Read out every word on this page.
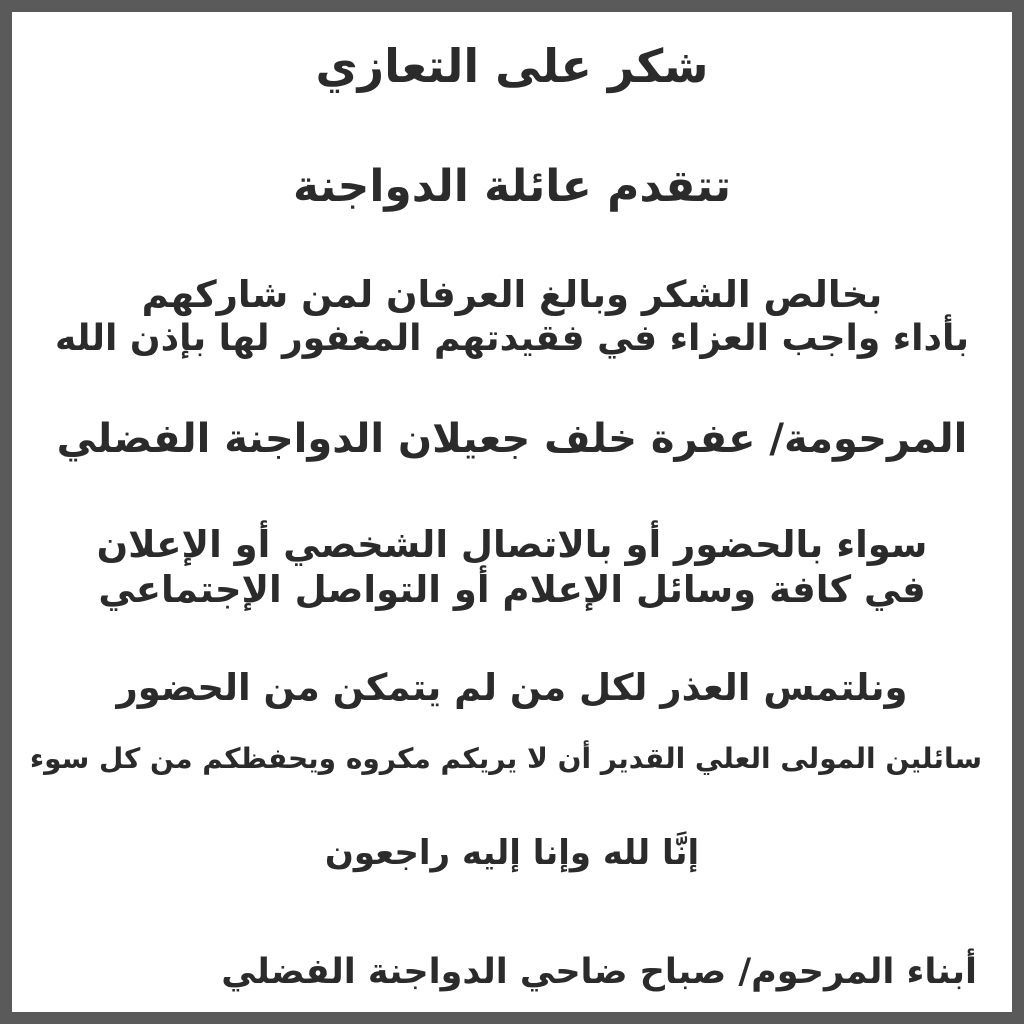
شكر على التعازي
تتقدم عائلة الدواجنة
بخالص الشكر وبالغ العرفان لمن شاركهم
بأداء واجب العزاء في فقيدتهم المغفور لها بإذن الله
المرحومة/ عفرة خلف جعيلان الدواجنة الفضلي
سواء بالحضور أو بالاتصال الشخصي أو الإعلان
في كافة وسائل الإعلام أو التواصل الإجتماعي
ونلتمس العذر لكل من لم يتمكن من الحضور
سائلين المولى العلي القدير أن لا يريكم مكروه ويحفظكم من كل سوء
إنَّا لله وإنا إليه راجعون
أبناء المرحوم/ صباح ضاحي الدواجنة الفضلي
